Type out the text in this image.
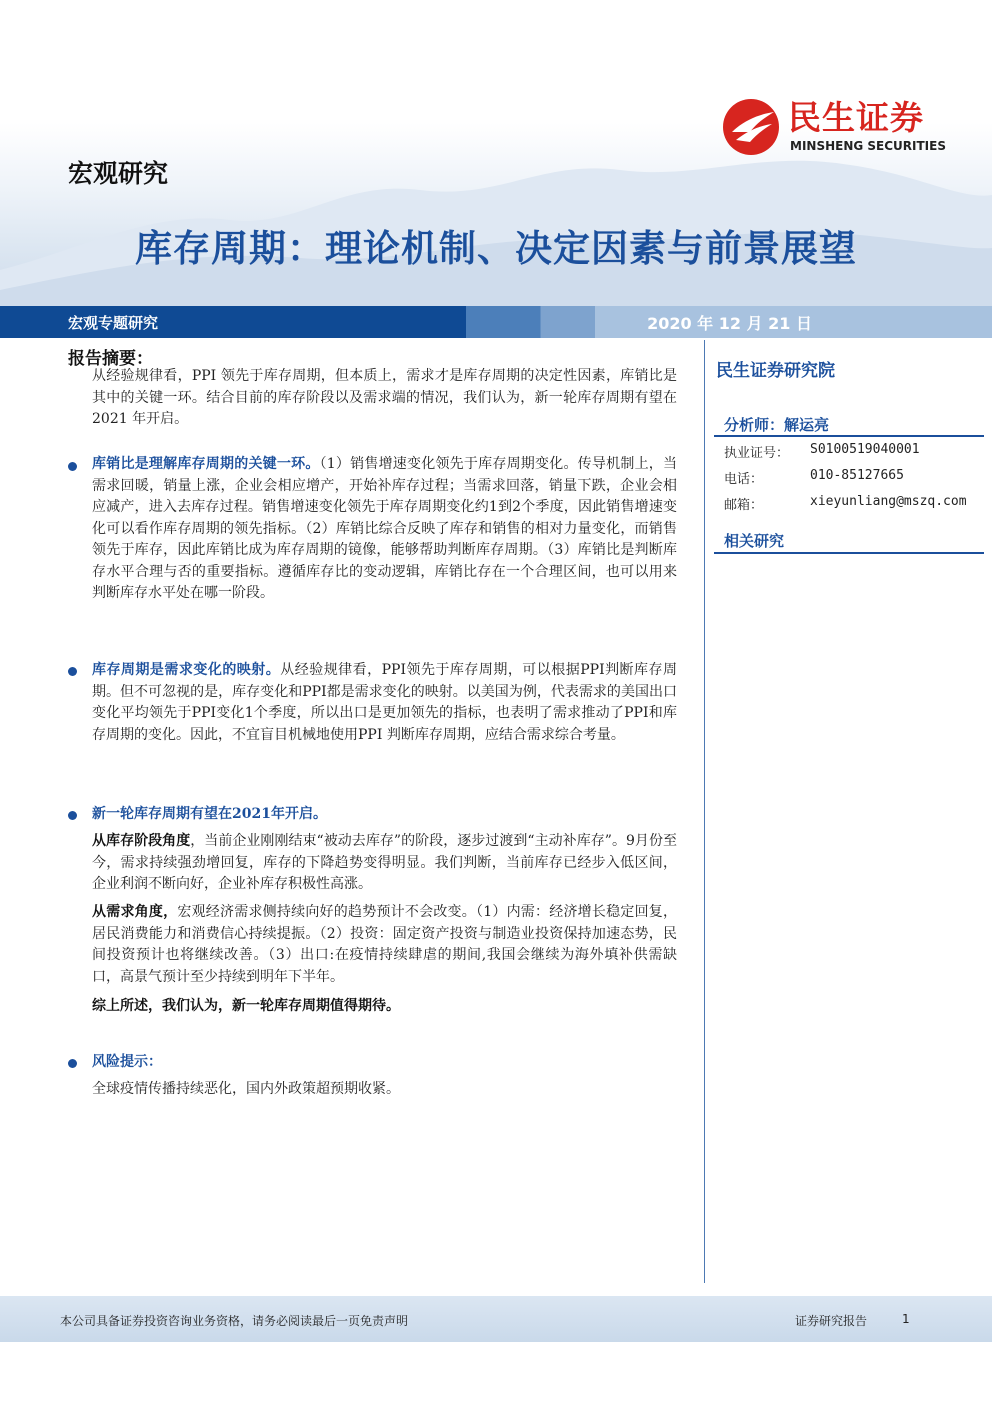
民生证券
MINSHENG SECURITIES
宏观研究
库存周期：理论机制、决定因素与前景展望
宏观专题研究	2020 年 12 月 21 日
报告摘要：
从经验规律看，PPI 领先于库存周期，但本质上，需求才是库存周期的决定性因素，库销比是其中的关键一环。结合目前的库存阶段以及需求端的情况，我们认为，新一轮库存周期有望在 2021 年开启。
库销比是理解库存周期的关键一环。（1）销售增速变化领先于库存周期变化。传导机制上，当需求回暖，销量上涨，企业会相应增产，开始补库存过程；当需求回落，销量下跌，企业会相应减产，进入去库存过程。销售增速变化领先于库存周期变化约1到2个季度，因此销售增速变化可以看作库存周期的领先指标。（2）库销比综合反映了库存和销售的相对力量变化，而销售领先于库存，因此库销比成为库存周期的镜像，能够帮助判断库存周期。（3）库销比是判断库存水平合理与否的重要指标。遵循库存比的变动逻辑，库销比存在一个合理区间，也可以用来判断库存水平处在哪一阶段。
库存周期是需求变化的映射。从经验规律看，PPI领先于库存周期，可以根据PPI判断库存周期。但不可忽视的是，库存变化和PPI都是需求变化的映射。以美国为例，代表需求的美国出口变化平均领先于PPI变化1个季度，所以出口是更加领先的指标，也表明了需求推动了PPI和库存周期的变化。因此，不宜盲目机械地使用PPI 判断库存周期，应结合需求综合考量。
新一轮库存周期有望在2021年开启。
从库存阶段角度，当前企业刚刚结束“被动去库存”的阶段，逐步过渡到“主动补库存”。9月份至今，需求持续强劲增回复，库存的下降趋势变得明显。我们判断，当前库存已经步入低区间，企业利润不断向好，企业补库存积极性高涨。
从需求角度，宏观经济需求侧持续向好的趋势预计不会改变。（1）内需：经济增长稳定回复，居民消费能力和消费信心持续提振。（2）投资：固定资产投资与制造业投资保持加速态势，民间投资预计也将继续改善。（3）出口:在疫情持续肆虐的期间,我国会继续为海外填补供需缺口，高景气预计至少持续到明年下半年。
综上所述，我们认为，新一轮库存周期值得期待。
风险提示：
全球疫情传播持续恶化，国内外政策超预期收紧。
民生证券研究院
分析师：解运亮
执业证号： S0100519040001
电话：	010-85127665
邮箱：	xieyunliang@mszq.com
相关研究
本公司具备证券投资咨询业务资格，请务必阅读最后一页免责声明	证券研究报告	1
